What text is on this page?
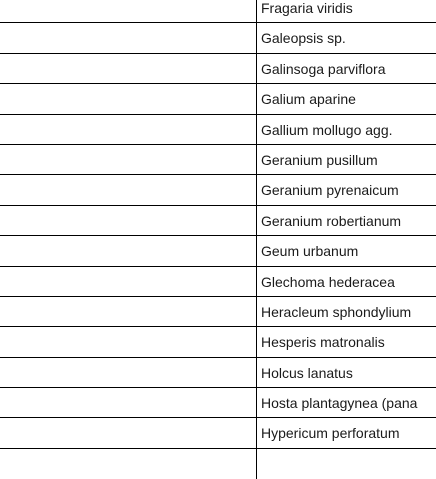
Fragaria viridis
Galeopsis sp.
Galinsoga parviflora
Galium aparine
Gallium mollugo agg.
Geranium pusillum
Geranium pyrenaicum
Geranium robertianum
Geum urbanum
Glechoma hederacea
Heracleum sphondylium
Hesperis matronalis
Holcus lanatus
Hosta plantagynea (pana
Hypericum perforatum
